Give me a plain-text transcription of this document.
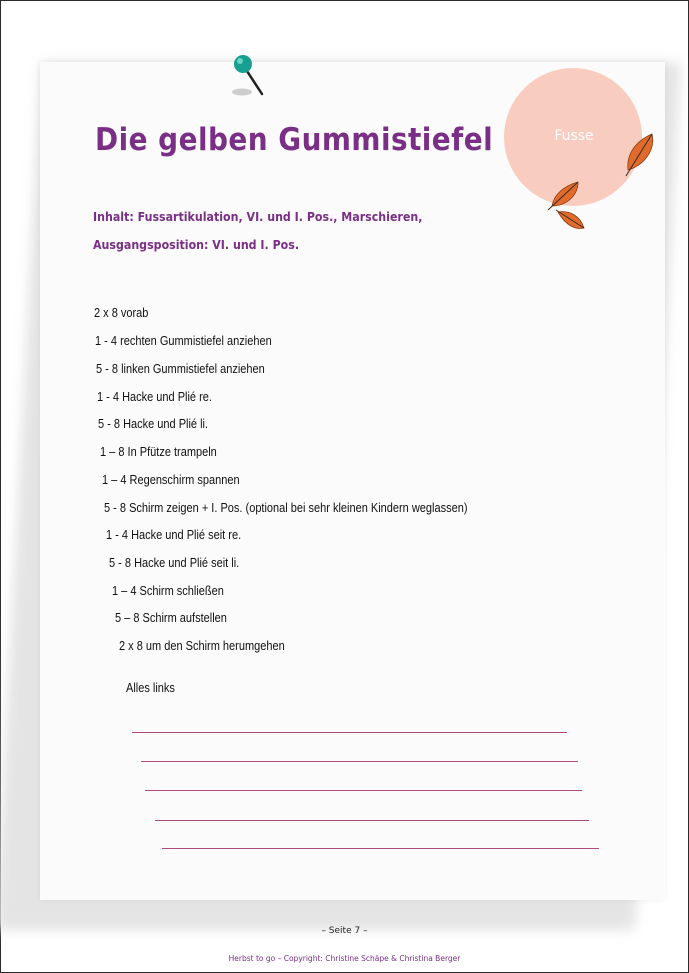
Die gelben Gummistiefel	Fusse
Inhalt: Fussartikulation, VI. und I. Pos., Marschieren,
Ausgangsposition: VI. und I. Pos.
2 x 8 vorab
1 - 4 rechten Gummistiefel anziehen
5 - 8 linken Gummistiefel anziehen
1 - 4 Hacke und Plié re.
5 - 8 Hacke und Plié li.
1 – 8 In Pfütze trampeln
1 – 4 Regenschirm spannen
5 - 8 Schirm zeigen + I. Pos. (optional bei sehr kleinen Kindern weglassen)
1 - 4 Hacke und Plié seit re.
5 - 8 Hacke und Plié seit li.
1 – 4 Schirm schließen
5 – 8 Schirm aufstellen
2 x 8 um den Schirm herumgehen
Alles links
– Seite 7 –
Herbst to go – Copyright: Christine Schäpe & Christina Berger
